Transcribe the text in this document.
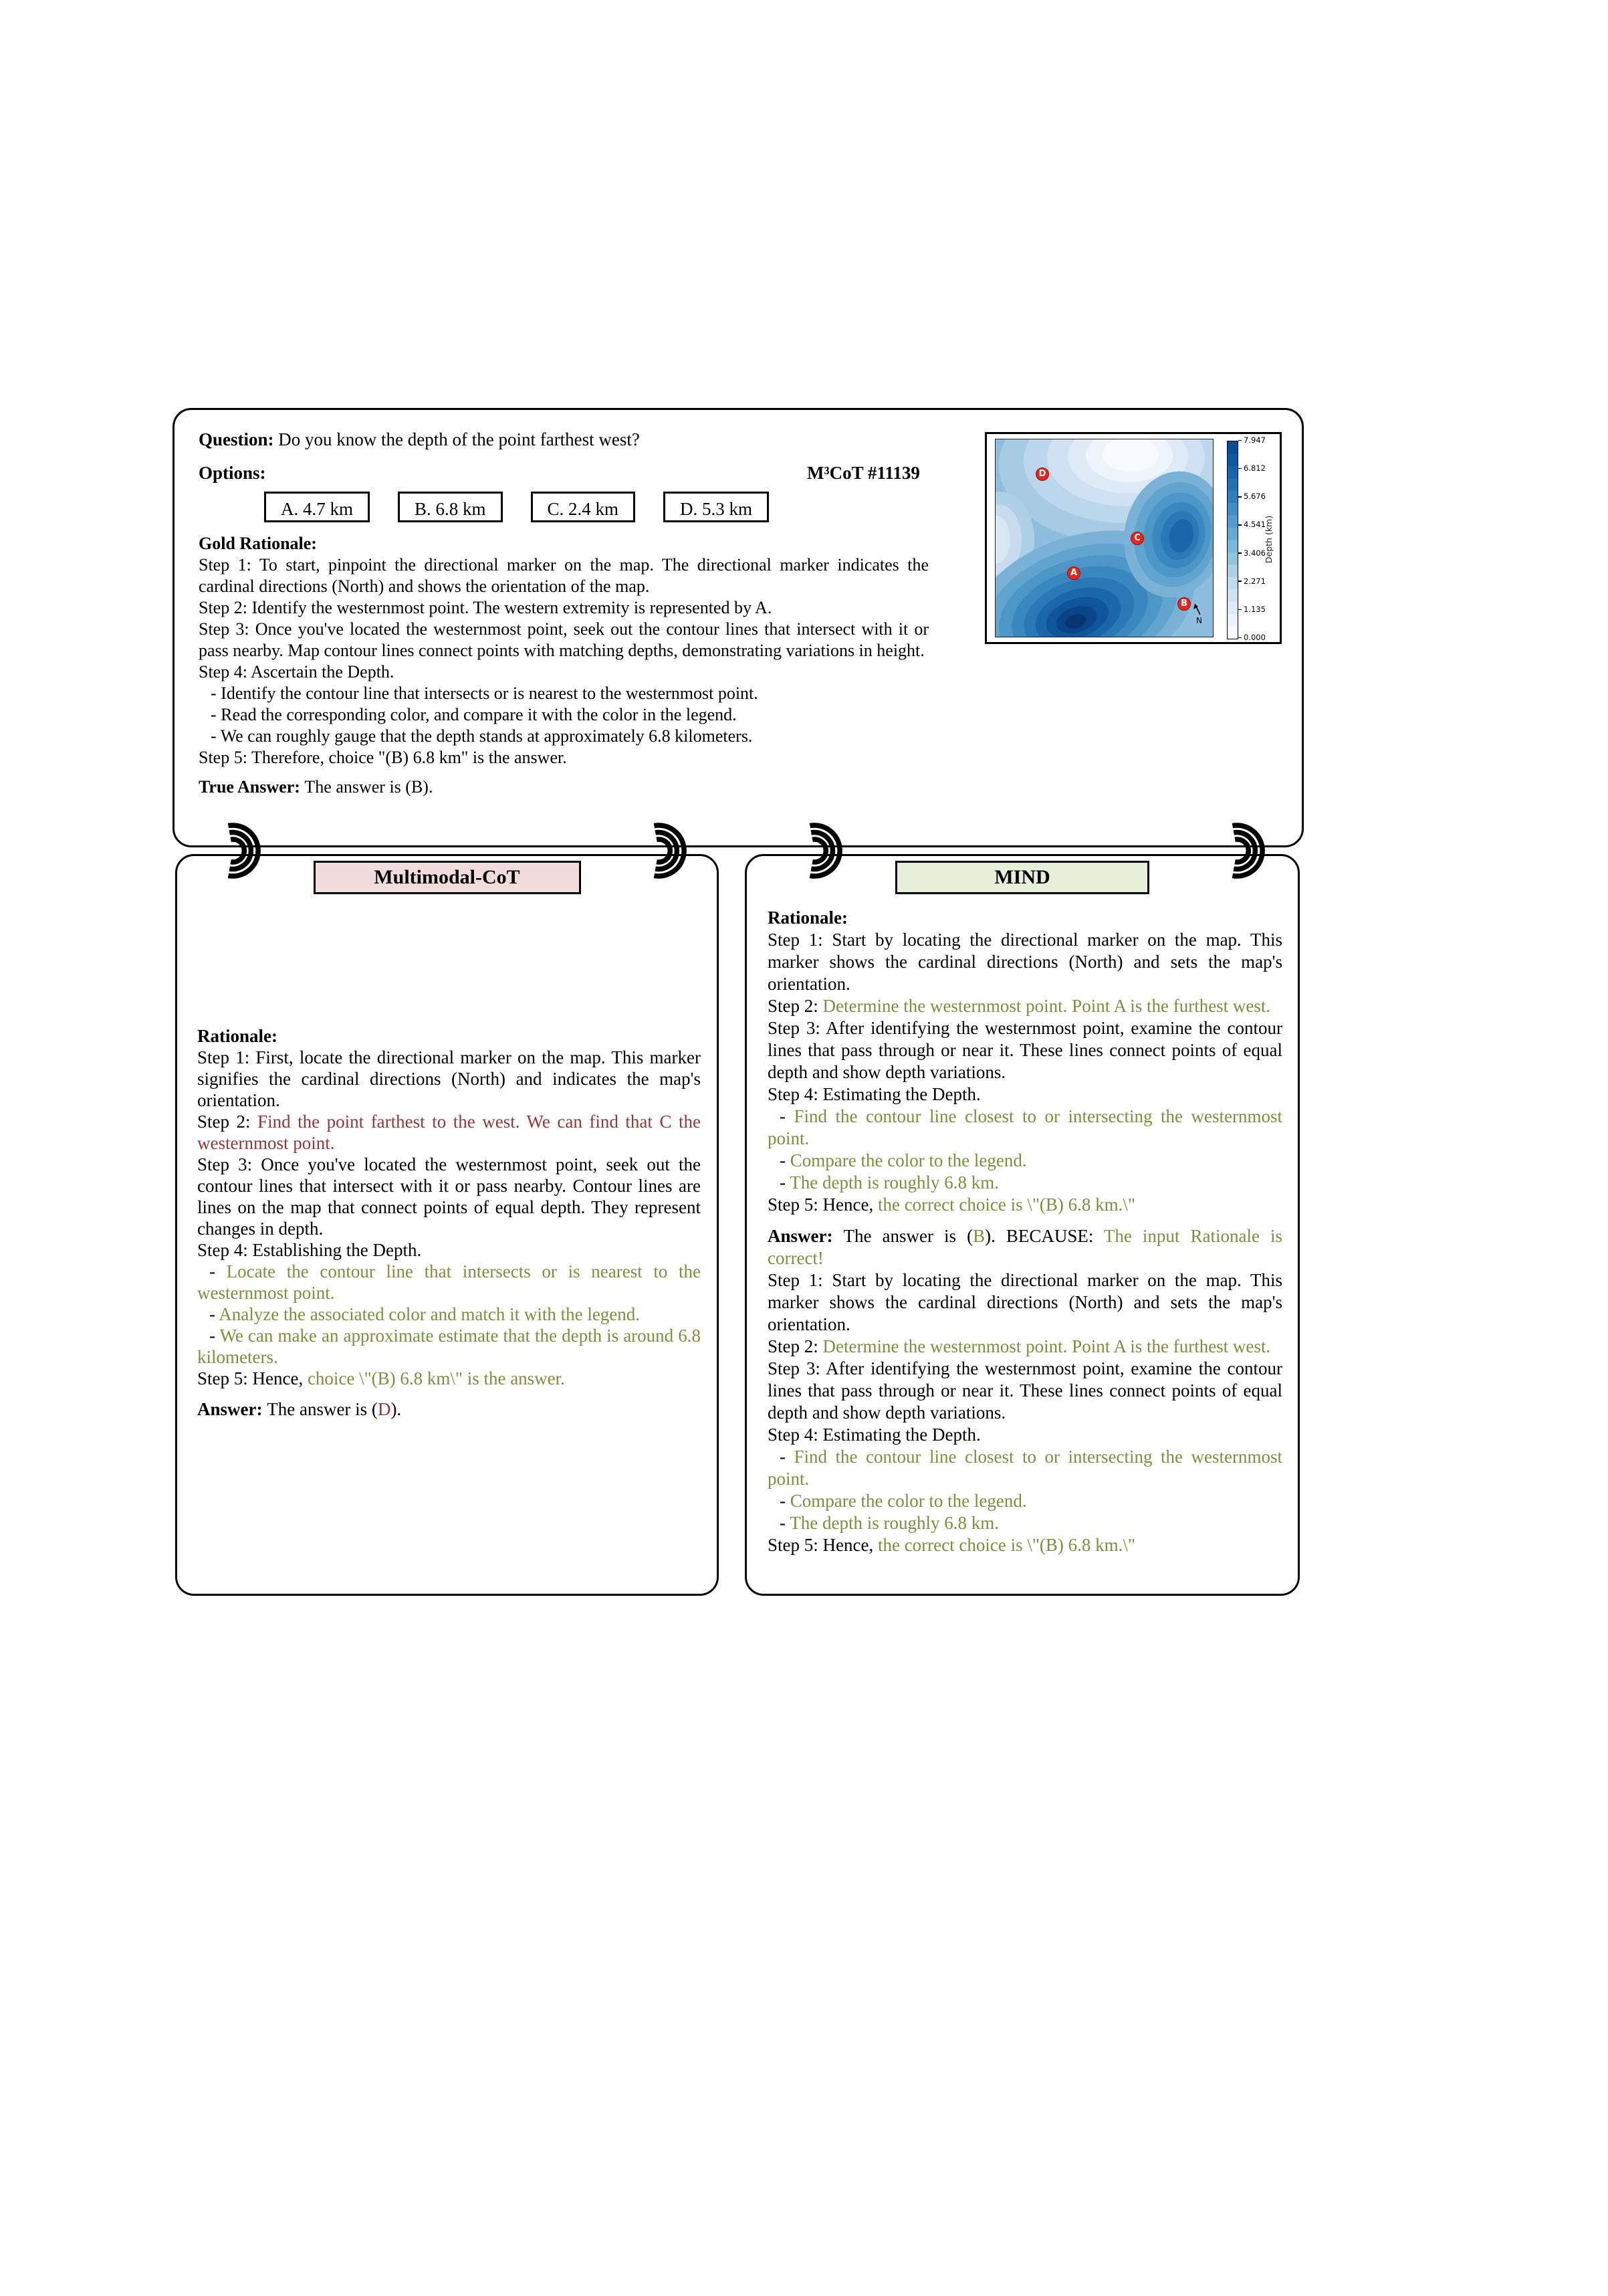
Question: Do you know the depth of the point farthest west?

Options:	M³CoT #11139

A. 4.7 km	B. 6.8 km	C. 2.4 km	D. 5.3 km
Gold Rationale:

Step 1: To start, pinpoint the directional marker on the map. The directional marker indicates the cardinal directions (North) and shows the orientation of the map.

Step 2: Identify the westernmost point. The western extremity is represented by A.

Step 3: Once you've located the westernmost point, seek out the contour lines that intersect with it or pass nearby. Map contour lines connect points with matching depths, demonstrating variations in height.

Step 4: Ascertain the Depth.

- Identify the contour line that intersects or is nearest to the westernmost point.

- Read the corresponding color, and compare it with the color in the legend.

- We can roughly gauge that the depth stands at approximately 6.8 kilometers.

Step 5: Therefore, choice "(B) 6.8 km" is the answer.

True Answer: The answer is (B).

D
C
A
B
N
7.947
6.812
5.676
4.541
3.406
2.271
1.135
0.000
Depth (km)
Multimodal-CoT

Rationale:

Step 1: First, locate the directional marker on the map. This marker signifies the cardinal directions (North) and indicates the map's orientation.

Step 2: Find the point farthest to the west. We can find that C the westernmost point.

Step 3: Once you've located the westernmost point, seek out the contour lines that intersect with it or pass nearby. Contour lines are lines on the map that connect points of equal depth. They represent changes in depth.

Step 4: Establishing the Depth.

- Locate the contour line that intersects or is nearest to the westernmost point.

- Analyze the associated color and match it with the legend.

- We can make an approximate estimate that the depth is around 6.8 kilometers.

Step 5: Hence, choice \"(B) 6.8 km\" is the answer.

Answer: The answer is (D).

MIND

Rationale:

Step 1: Start by locating the directional marker on the map. This marker shows the cardinal directions (North) and sets the map's orientation.

Step 2: Determine the westernmost point. Point A is the furthest west.

Step 3: After identifying the westernmost point, examine the contour lines that pass through or near it. These lines connect points of equal depth and show depth variations.

Step 4: Estimating the Depth.

- Find the contour line closest to or intersecting the westernmost point.

- Compare the color to the legend.

- The depth is roughly 6.8 km.

Step 5: Hence, the correct choice is \"(B) 6.8 km.\"

Answer: The answer is (B). BECAUSE: The input Rationale is correct!

Step 1: Start by locating the directional marker on the map. This marker shows the cardinal directions (North) and sets the map's orientation.

Step 2: Determine the westernmost point. Point A is the furthest west.

Step 3: After identifying the westernmost point, examine the contour lines that pass through or near it. These lines connect points of equal depth and show depth variations.

Step 4: Estimating the Depth.

- Find the contour line closest to or intersecting the westernmost point.

- Compare the color to the legend.

- The depth is roughly 6.8 km.

Step 5: Hence, the correct choice is \"(B) 6.8 km.\"
